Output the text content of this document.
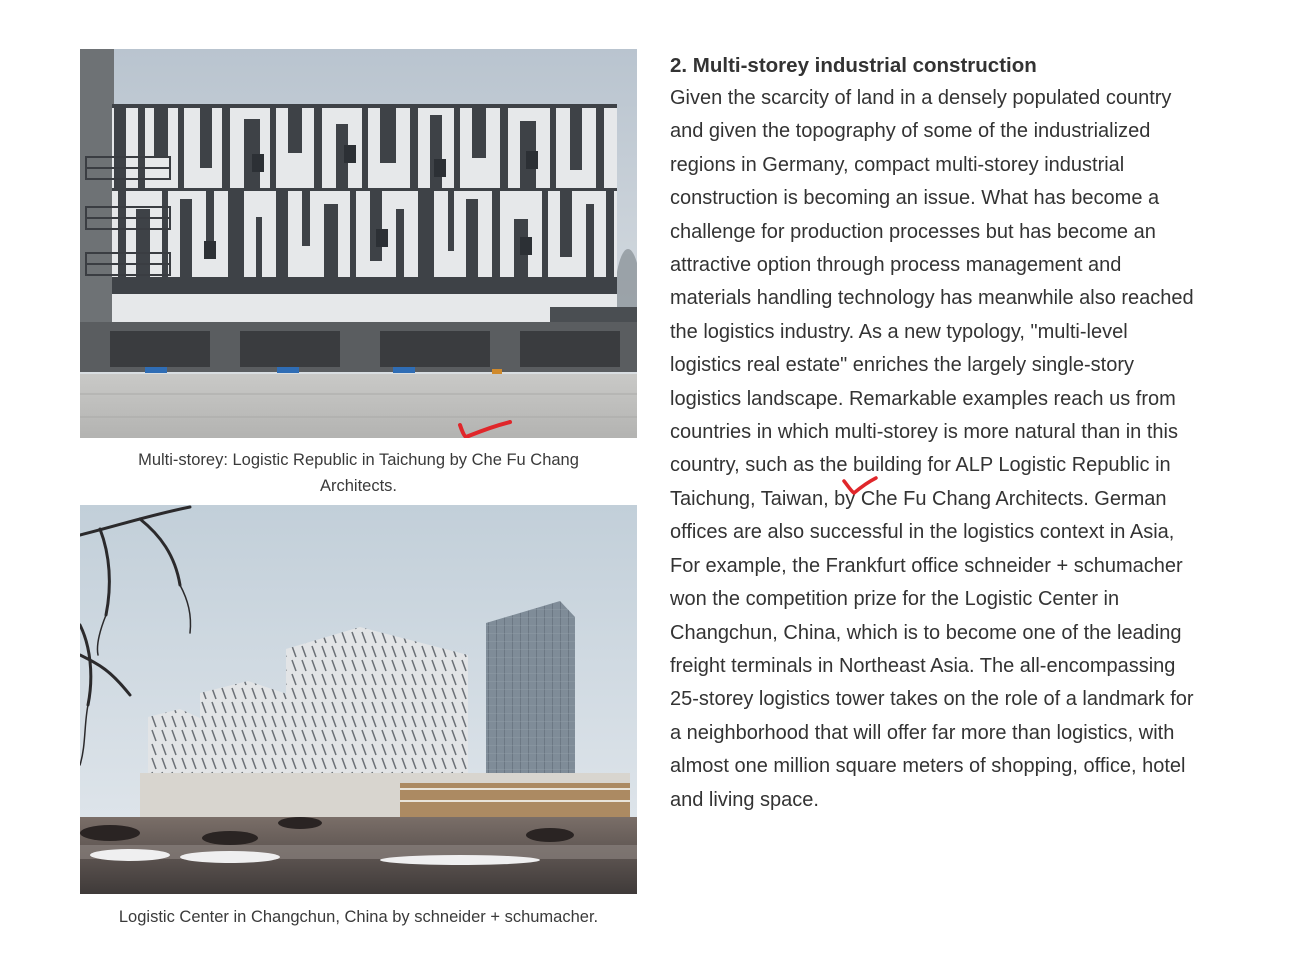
Multi-storey: Logistic Republic in Taichung by Che Fu Chang
Architects.
Logistic Center in Changchun, China by schneider + schumacher.
2. Multi-storey industrial construction

Given the scarcity of land in a densely populated country

and given the topography of some of the industrialized

regions in Germany, compact multi-storey industrial

construction is becoming an issue. What has become a

challenge for production processes but has become an

attractive option through process management and

materials handling technology has meanwhile also reached

the logistics industry. As a new typology, "multi-level

logistics real estate" enriches the largely single-story

logistics landscape. Remarkable examples reach us from

countries in which multi-storey is more natural than in this

country, such as the building for ALP Logistic Republic in

Taichung, Taiwan, by Che Fu Chang Architects. German

offices are also successful in the logistics context in Asia,

For example, the Frankfurt office schneider + schumacher

won the competition prize for the Logistic Center in

Changchun, China, which is to become one of the leading

freight terminals in Northeast Asia. The all-encompassing

25-storey logistics tower takes on the role of a landmark for

a neighborhood that will offer far more than logistics, with

almost one million square meters of shopping, office, hotel

and living space.
